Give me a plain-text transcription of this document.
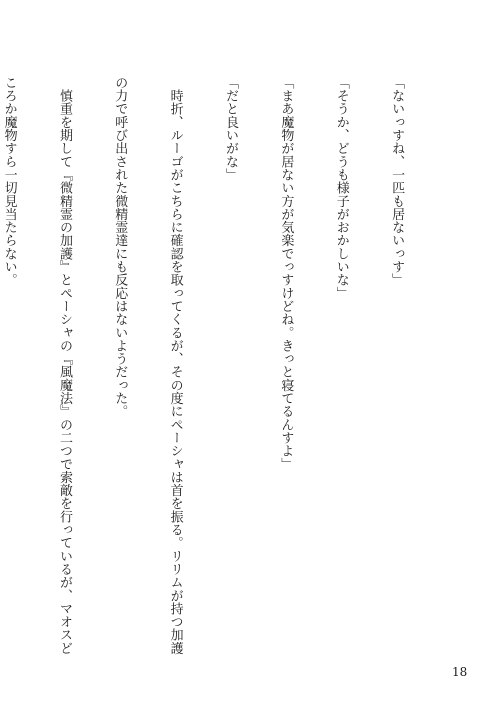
「ないっすね、一匹も居ないっす」

「そうか、どうも様子がおかしいな」

「まあ魔物が居ない方が気楽でっすけどね。きっと寝てるんすよ」

「だと良いがな」

　時折、ルーゴがこちらに確認を取ってくるが、その度にペーシャは首を振る。リリムが持つ加護

の力で呼び出された微精霊達にも反応はないようだった。

　慎重を期して『微精霊の加護』とペーシャの『風魔法』の二つで索敵を行っているが、マオスど

ころか魔物すら一切見当たらない。

18
